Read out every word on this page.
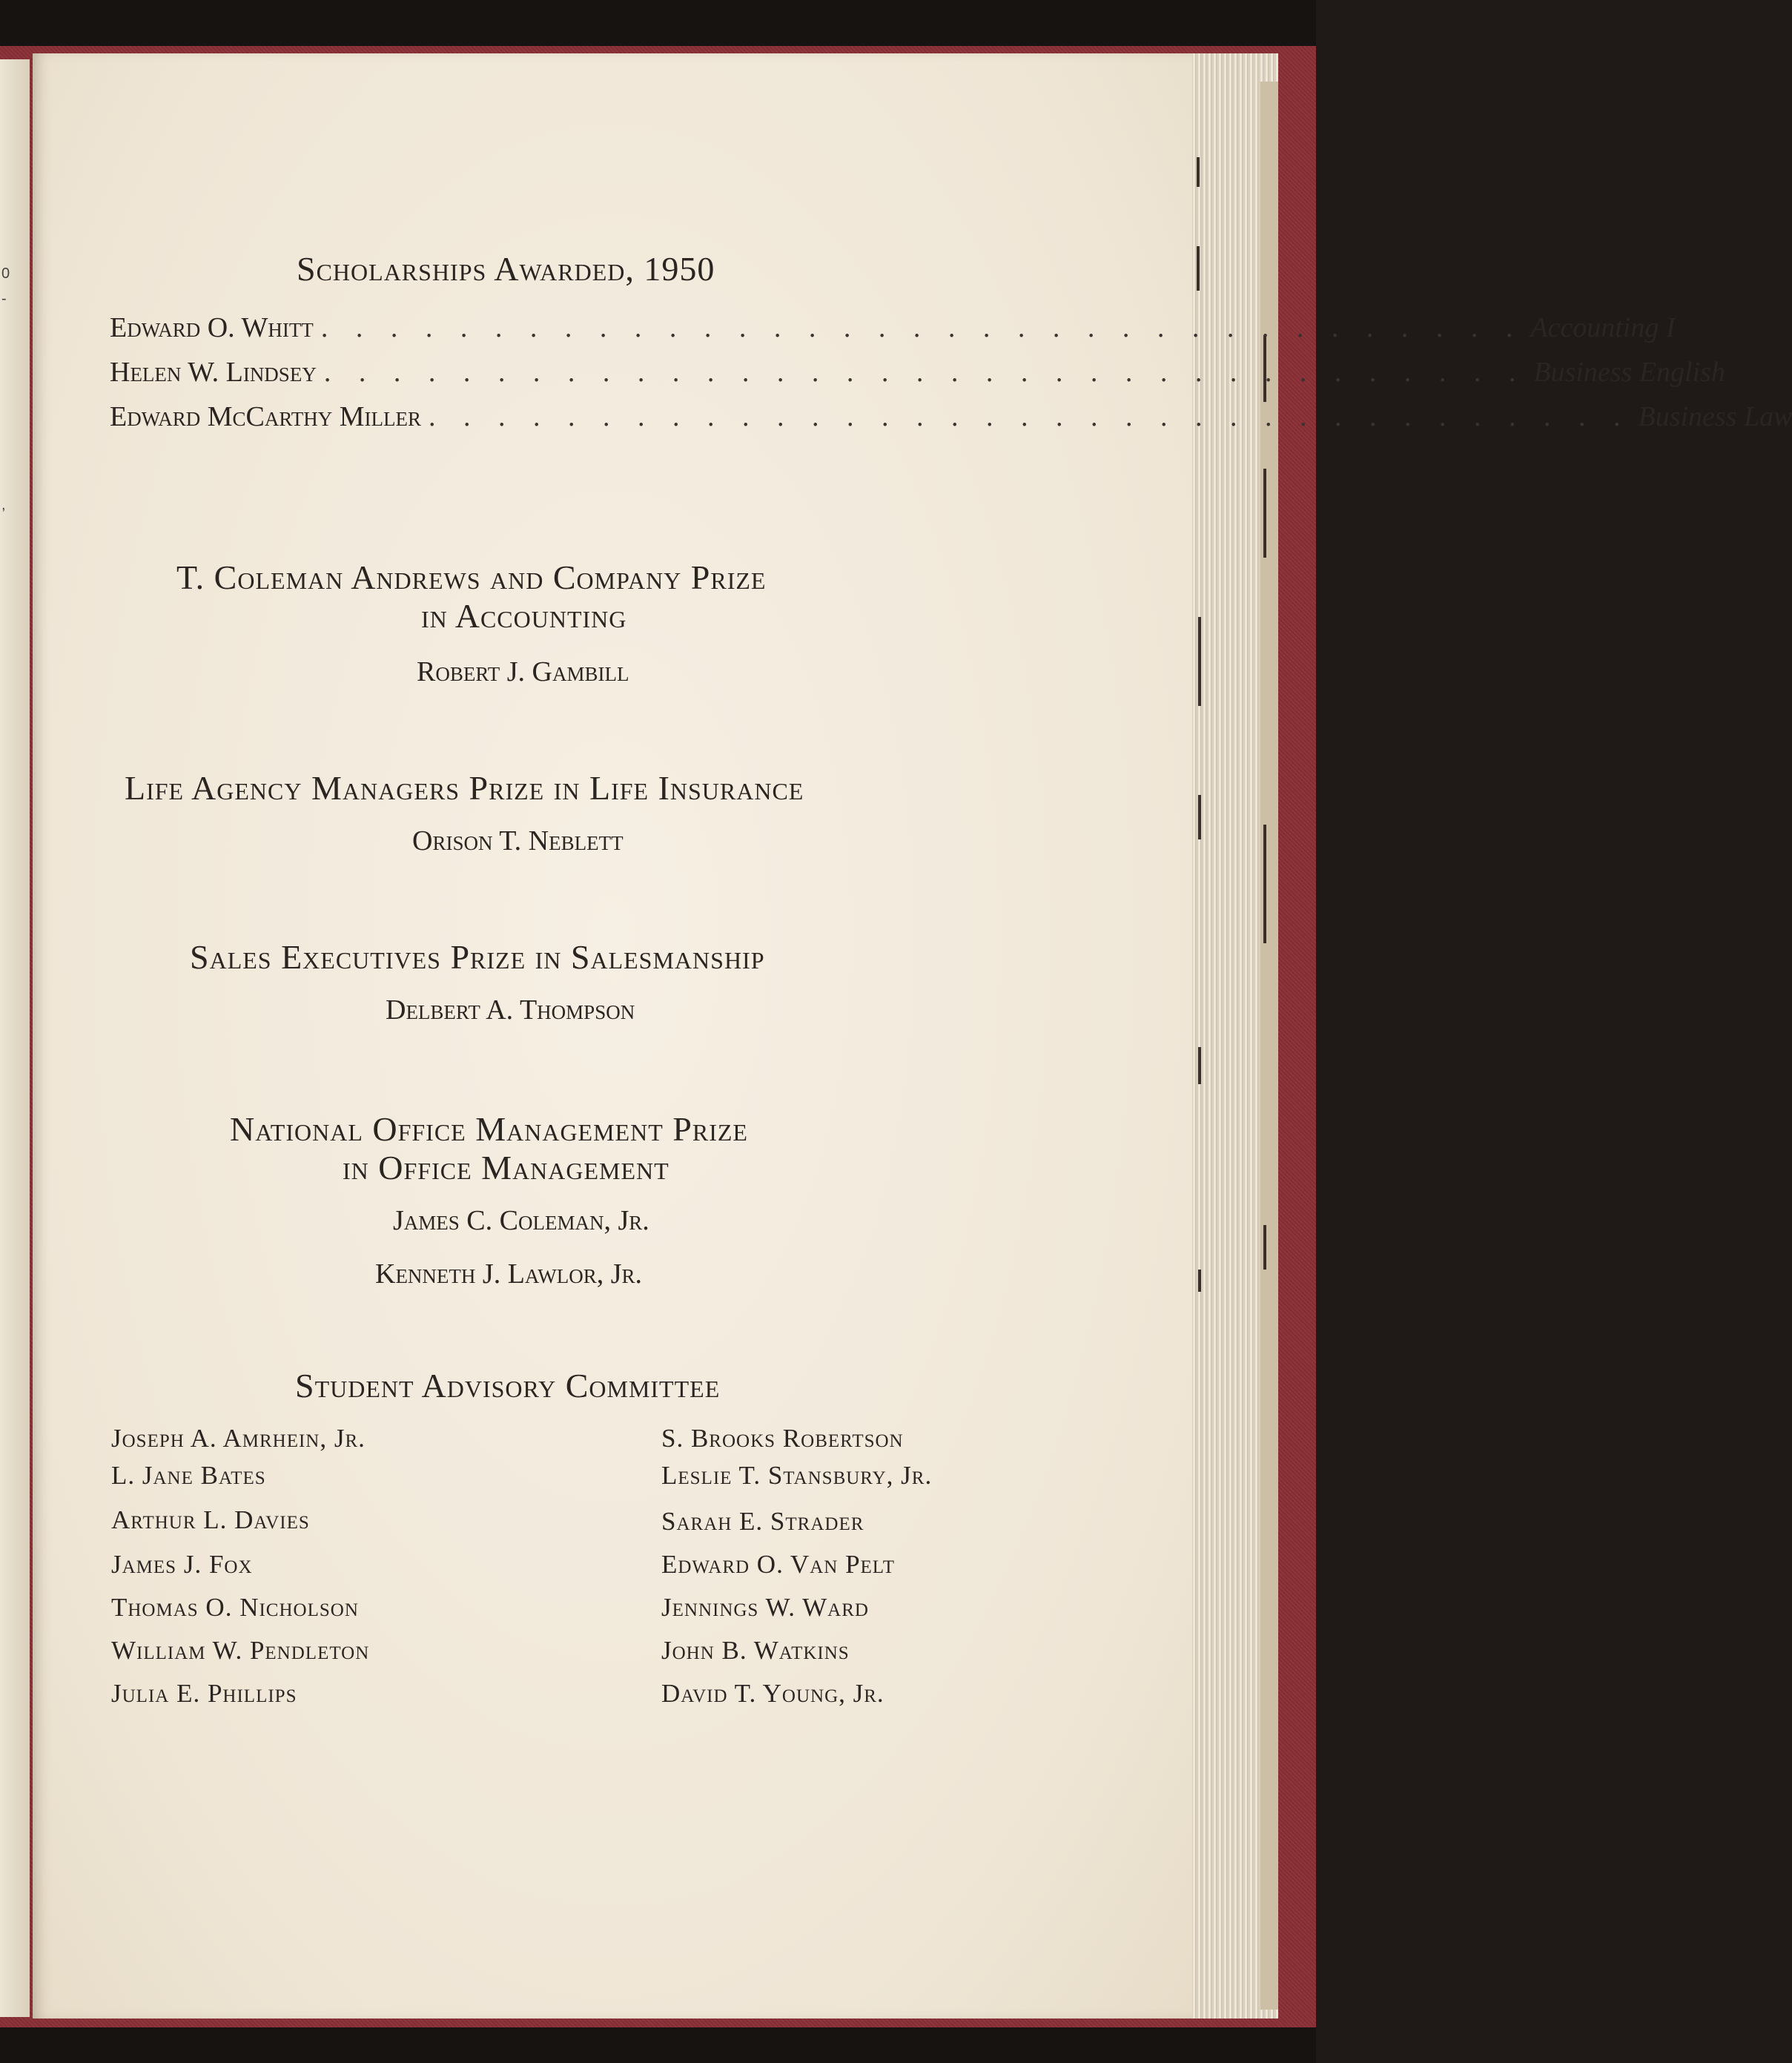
0
-
,
Scholarships Awarded, 1950
Edward O. Whitt . . . . . . . . . . . . . . . . . . . . . . . . . . . . . . . . . . . Accounting I
Helen W. Lindsey . . . . . . . . . . . . . . . . . . . . . . . . . . . . . . . . . . . Business English
Edward McCarthy Miller . . . . . . . . . . . . . . . . . . . . . . . . . . . . . . . . . . . Business Law
T. Coleman Andrews and Company Prize
in Accounting
Robert J. Gambill
Life Agency Managers Prize in Life Insurance
Orison T. Neblett
Sales Executives Prize in Salesmanship
Delbert A. Thompson
National Office Management Prize
in Office Management
James C. Coleman, Jr.
Kenneth J. Lawlor, Jr.
Student Advisory Committee
Joseph A. Amrhein, Jr.
L. Jane Bates
Arthur L. Davies
James J. Fox
Thomas O. Nicholson
William W. Pendleton
Julia E. Phillips
S. Brooks Robertson
Leslie T. Stansbury, Jr.
Sarah E. Strader
Edward O. Van Pelt
Jennings W. Ward
John B. Watkins
David T. Young, Jr.
